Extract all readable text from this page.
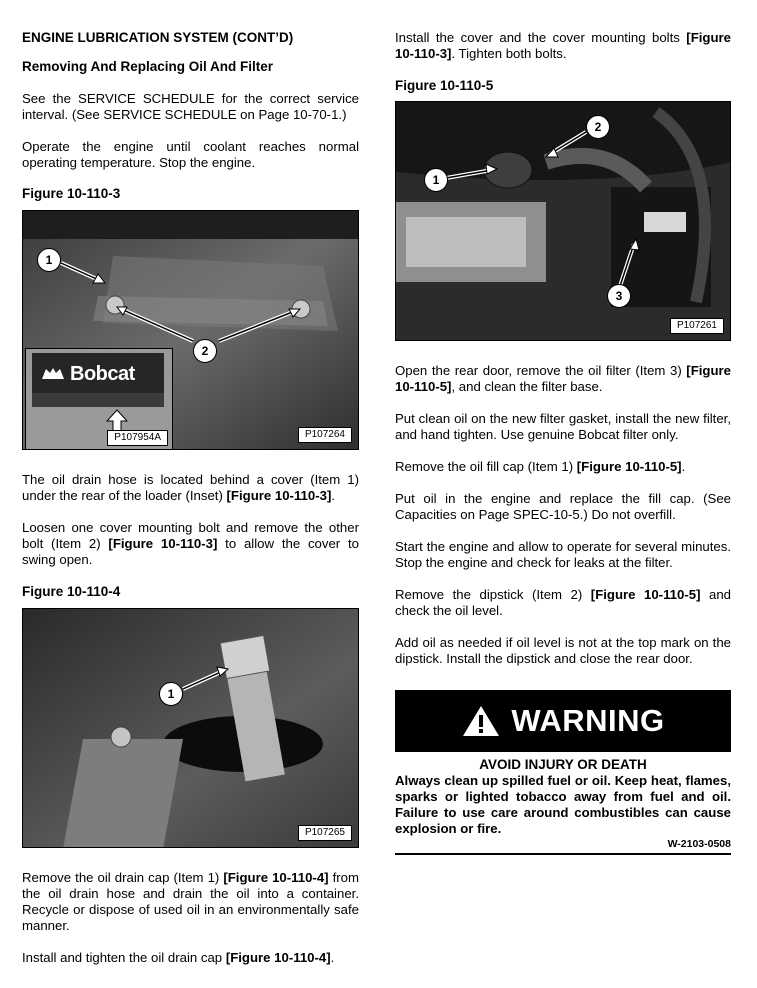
ENGINE LUBRICATION SYSTEM (CONT’D)
Removing And Replacing Oil And Filter
See the SERVICE SCHEDULE for the correct service interval. (See SERVICE SCHEDULE on Page 10-70-1.)
Operate the engine until coolant reaches normal operating temperature. Stop the engine.
Figure 10-110-3
1
2
Bobcat
P107954A	P107264
The oil drain hose is located behind a cover (Item 1) under the rear of the loader (Inset) [Figure 10-110-3].
Loosen one cover mounting bolt and remove the other bolt (Item 2) [Figure 10-110-3] to allow the cover to swing open.
Figure 10-110-4
1
P107265
Remove the oil drain cap (Item 1) [Figure 10-110-4] from the oil drain hose and drain the oil into a container. Recycle or dispose of used oil in an environmentally safe manner.
Install and tighten the oil drain cap [Figure 10-110-4].
Install the cover and the cover mounting bolts [Figure 10-110-3]. Tighten both bolts.
Figure 10-110-5
1
2
3
P107261
Open the rear door, remove the oil filter (Item 3) [Figure 10-110-5], and clean the filter base.
Put clean oil on the new filter gasket, install the new filter, and hand tighten. Use genuine Bobcat filter only.
Remove the oil fill cap (Item 1) [Figure 10-110-5].
Put oil in the engine and replace the fill cap. (See Capacities on Page SPEC-10-5.) Do not overfill.
Start the engine and allow to operate for several minutes. Stop the engine and check for leaks at the filter.
Remove the dipstick (Item 2) [Figure 10-110-5] and check the oil level.
Add oil as needed if oil level is not at the top mark on the dipstick. Install the dipstick and close the rear door.
WARNING
AVOID INJURY OR DEATH
Always clean up spilled fuel or oil. Keep heat, flames, sparks or lighted tobacco away from fuel and oil. Failure to use care around combustibles can cause explosion or fire.
W-2103-0508
